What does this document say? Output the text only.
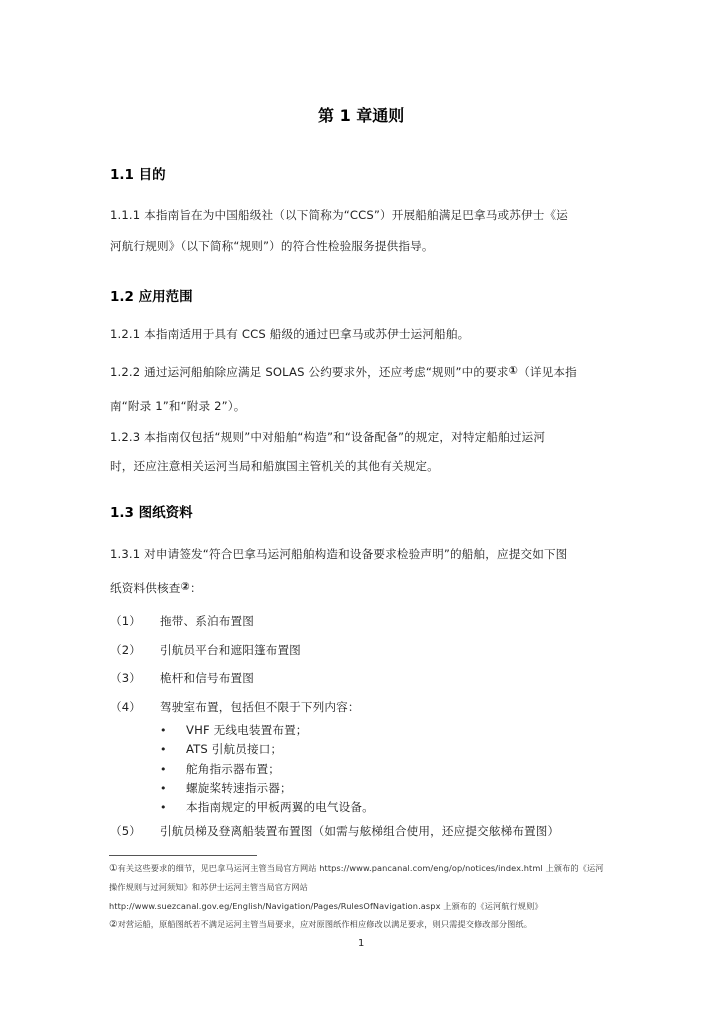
第 1 章通则
1.1 目的
1.1.1 本指南旨在为中国船级社（以下简称为“CCS”）开展船舶满足巴拿马或苏伊士《运
河航行规则》（以下简称“规则”）的符合性检验服务提供指导。
1.2 应用范围
1.2.1 本指南适用于具有 CCS 船级的通过巴拿马或苏伊士运河船舶。
1.2.2 通过运河船舶除应满足 SOLAS 公约要求外，还应考虑“规则”中的要求①（详见本指
南“附录 1”和“附录 2”）。
1.2.3 本指南仅包括“规则”中对船舶“构造”和“设备配备”的规定，对特定船舶过运河
时，还应注意相关运河当局和船旗国主管机关的其他有关规定。
1.3 图纸资料
1.3.1 对申请签发“符合巴拿马运河船舶构造和设备要求检验声明”的船舶，应提交如下图
纸资料供核查②：
（1） 拖带、系泊布置图
（2） 引航员平台和遮阳篷布置图
（3） 桅杆和信号布置图
（4） 驾驶室布置，包括但不限于下列内容：
• VHF 无线电装置布置；
• ATS 引航员接口；
• 舵角指示器布置；
• 螺旋桨转速指示器；
• 本指南规定的甲板两翼的电气设备。
（5） 引航员梯及登离船装置布置图（如需与舷梯组合使用，还应提交舷梯布置图）
①有关这些要求的细节，见巴拿马运河主管当局官方网站 https://www.pancanal.com/eng/op/notices/index.html 上颁布的《运河
操作规则与过河须知》和苏伊士运河主管当局官方网站
http://www.suezcanal.gov.eg/English/Navigation/Pages/RulesOfNavigation.aspx 上颁布的《运河航行规则》
②对营运船，原船图纸若不满足运河主管当局要求，应对原图纸作相应修改以满足要求，则只需提交修改部分图纸。
1
